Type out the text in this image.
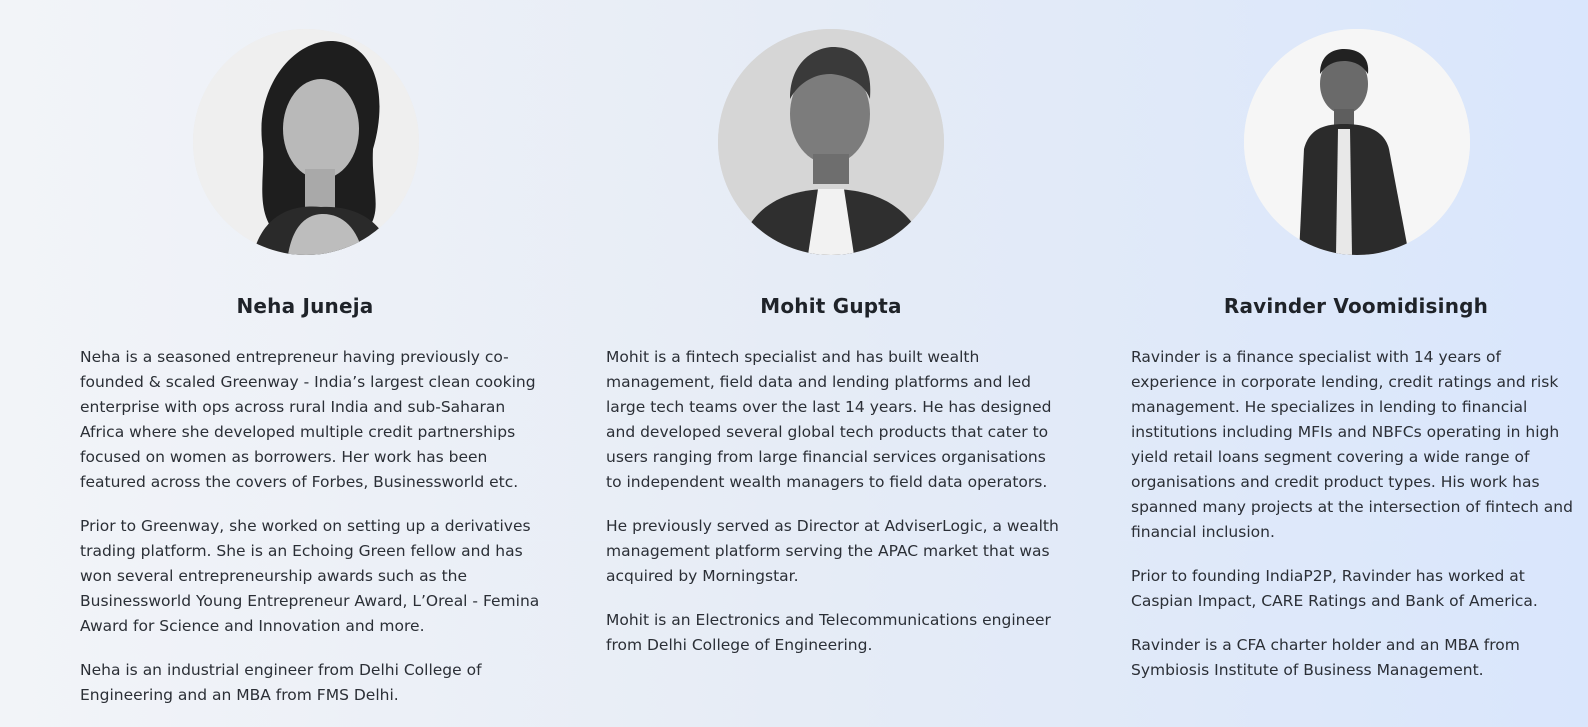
Neha Juneja

Neha is a seasoned entrepreneur having previously co-founded & scaled Greenway - India’s largest clean cooking enterprise with ops across rural India and sub-Saharan Africa where she developed multiple credit partnerships focused on women as borrowers. Her work has been featured across the covers of Forbes, Businessworld etc.

Prior to Greenway, she worked on setting up a derivatives trading platform. She is an Echoing Green fellow and has won several entrepreneurship awards such as the Businessworld Young Entrepreneur Award, L’Oreal - Femina Award for Science and Innovation and more.

Neha is an industrial engineer from Delhi College of Engineering and an MBA from FMS Delhi.

Mohit Gupta

Mohit is a fintech specialist and has built wealth management, field data and lending platforms and led large tech teams over the last 14 years. He has designed and developed several global tech products that cater to users ranging from large financial services organisations to independent wealth managers to field data operators.

He previously served as Director at AdviserLogic, a wealth management platform serving the APAC market that was acquired by Morningstar.

Mohit is an Electronics and Telecommunications engineer from Delhi College of Engineering.

Ravinder Voomidisingh

Ravinder is a finance specialist with 14 years of experience in corporate lending, credit ratings and risk management. He specializes in lending to financial institutions including MFIs and NBFCs operating in high yield retail loans segment covering a wide range of organisations and credit product types. His work has spanned many projects at the intersection of fintech and financial inclusion.

Prior to founding IndiaP2P, Ravinder has worked at Caspian Impact, CARE Ratings and Bank of America.

Ravinder is a CFA charter holder and an MBA from Symbiosis Institute of Business Management.
